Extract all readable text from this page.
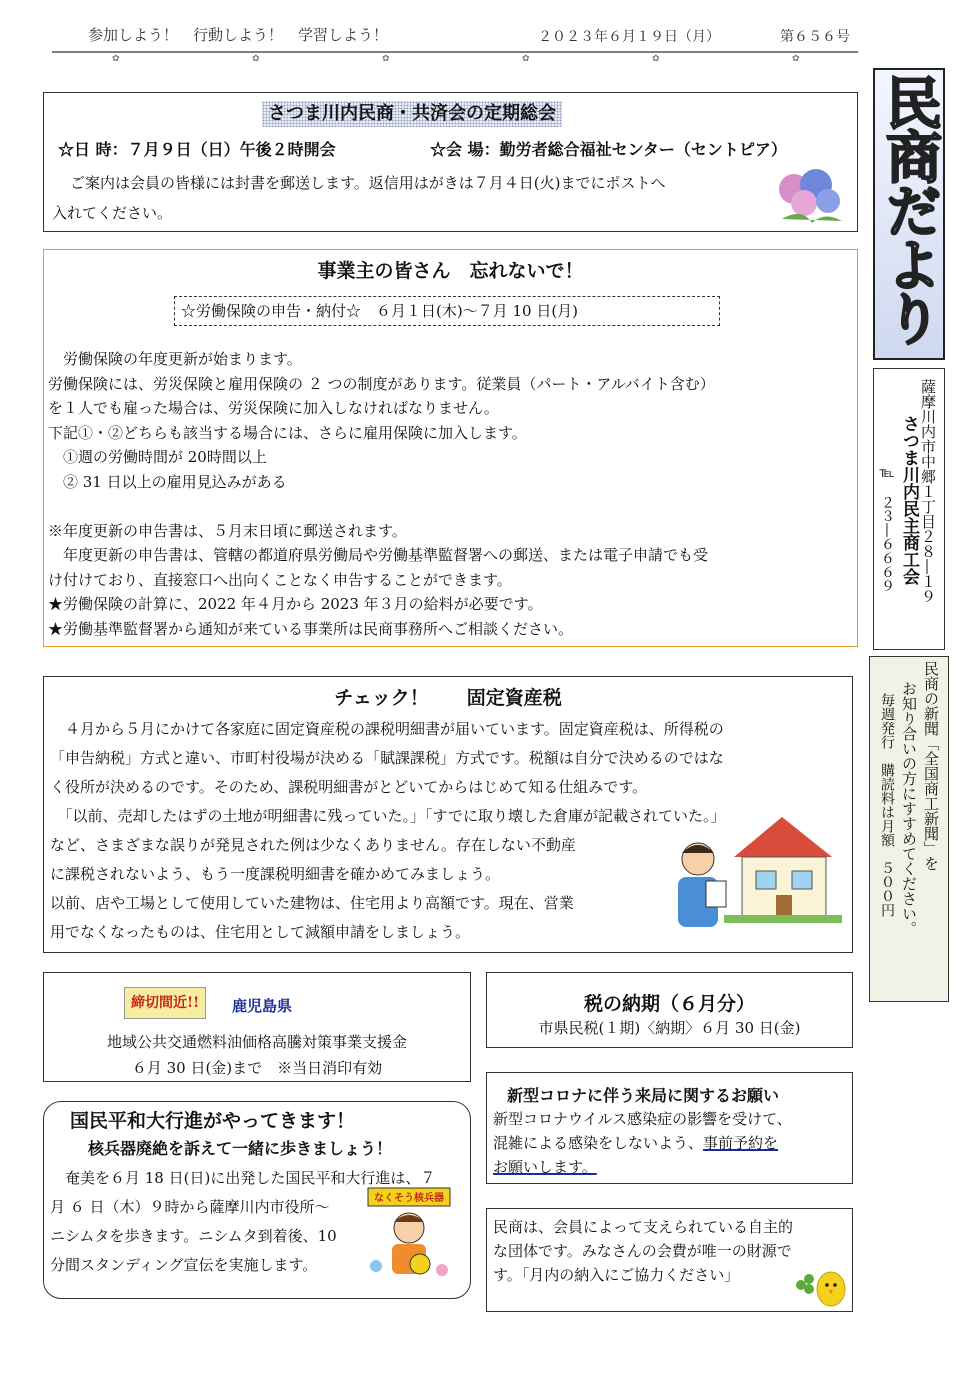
参加しよう！　行動しよう！　学習しよう！	２０２３年６月１９日（月）	第６５６号
✿	✿	✿	✿	✿	✿
民商だより
薩摩川内市中郷１丁目２８―１９
さつま川内民主商工会
℡　２３―６６６９
民商の新聞「全国商工新聞」を
お知り合いの方にすすめてください。
毎週発行　購読料は月額　５００円
さつま川内民商・共済会の定期総会
☆日 時：７月９日（日）午後２時開会	☆会 場：勤労者総合福祉センター（セントピア）

ご案内は会員の皆様には封書を郵送します。返信用はがきは７月４日(火)までにポストへ

入れてください。

事業主の皆さん　忘れないで！
☆労働保険の申告・納付☆　６月１日(木)～７月 10 日(月)

　労働保険の年度更新が始まります。

労働保険には、労災保険と雇用保険の ２ つの制度があります。従業員（パート・アルバイト含む）

を１人でも雇った場合は、労災保険に加入しなければなりません。

下記①・②どちらも該当する場合には、さらに雇用保険に加入します。

　①週の労働時間が 20時間以上

　② 31 日以上の雇用見込みがある

※年度更新の申告書は、５月末日頃に郵送されます。

　年度更新の申告書は、管轄の都道府県労働局や労働基準監督署への郵送、または電子申請でも受

け付けており、直接窓口へ出向くことなく申告することができます。

★労働保険の計算に、2022 年４月から 2023 年３月の給料が必要です。

★労働基準監督署から通知が来ている事業所は民商事務所へご相談ください。

チェック！　　固定資産税

　４月から５月にかけて各家庭に固定資産税の課税明細書が届いています。固定資産税は、所得税の

「申告納税」方式と違い、市町村役場が決める「賦課課税」方式です。税額は自分で決めるのではな

く役所が決めるのです。そのため、課税明細書がとどいてからはじめて知る仕組みです。

　「以前、売却したはずの土地が明細書に残っていた。」「すでに取り壊した倉庫が記載されていた。」

など、さまざまな誤りが発見された例は少なくありません。存在しない不動産

に課税されないよう、もう一度課税明細書を確かめてみましょう。

以前、店や工場として使用していた建物は、住宅用より高額です。現在、営業

用でなくなったものは、住宅用として減額申請をしましょう。

締切間近!!	鹿児島県
地域公共交通燃料油価格高騰対策事業支援金
６月 30 日(金)まで　※当日消印有効
税の納期（６月分）
市県民税(１期)〈納期〉６月 30 日(金)
国民平和大行進がやってきます！
核兵器廃絶を訴えて一緒に歩きましょう！

　奄美を６月 18 日(日)に出発した国民平和大行進は、７

月 ６ 日（木）９時から薩摩川内市役所～

ニシムタを歩きます。ニシムタ到着後、10

分間スタンディング宣伝を実施します。

なくそう核兵器
新型コロナに伴う来局に関するお願い

新型コロナウイルス感染症の影響を受けて、

混雑による感染をしないよう、事前予約を

お願いします。

民商は、会員によって支えられている自主的

な団体です。みなさんの会費が唯一の財源で

す。「月内の納入にご協力ください」
